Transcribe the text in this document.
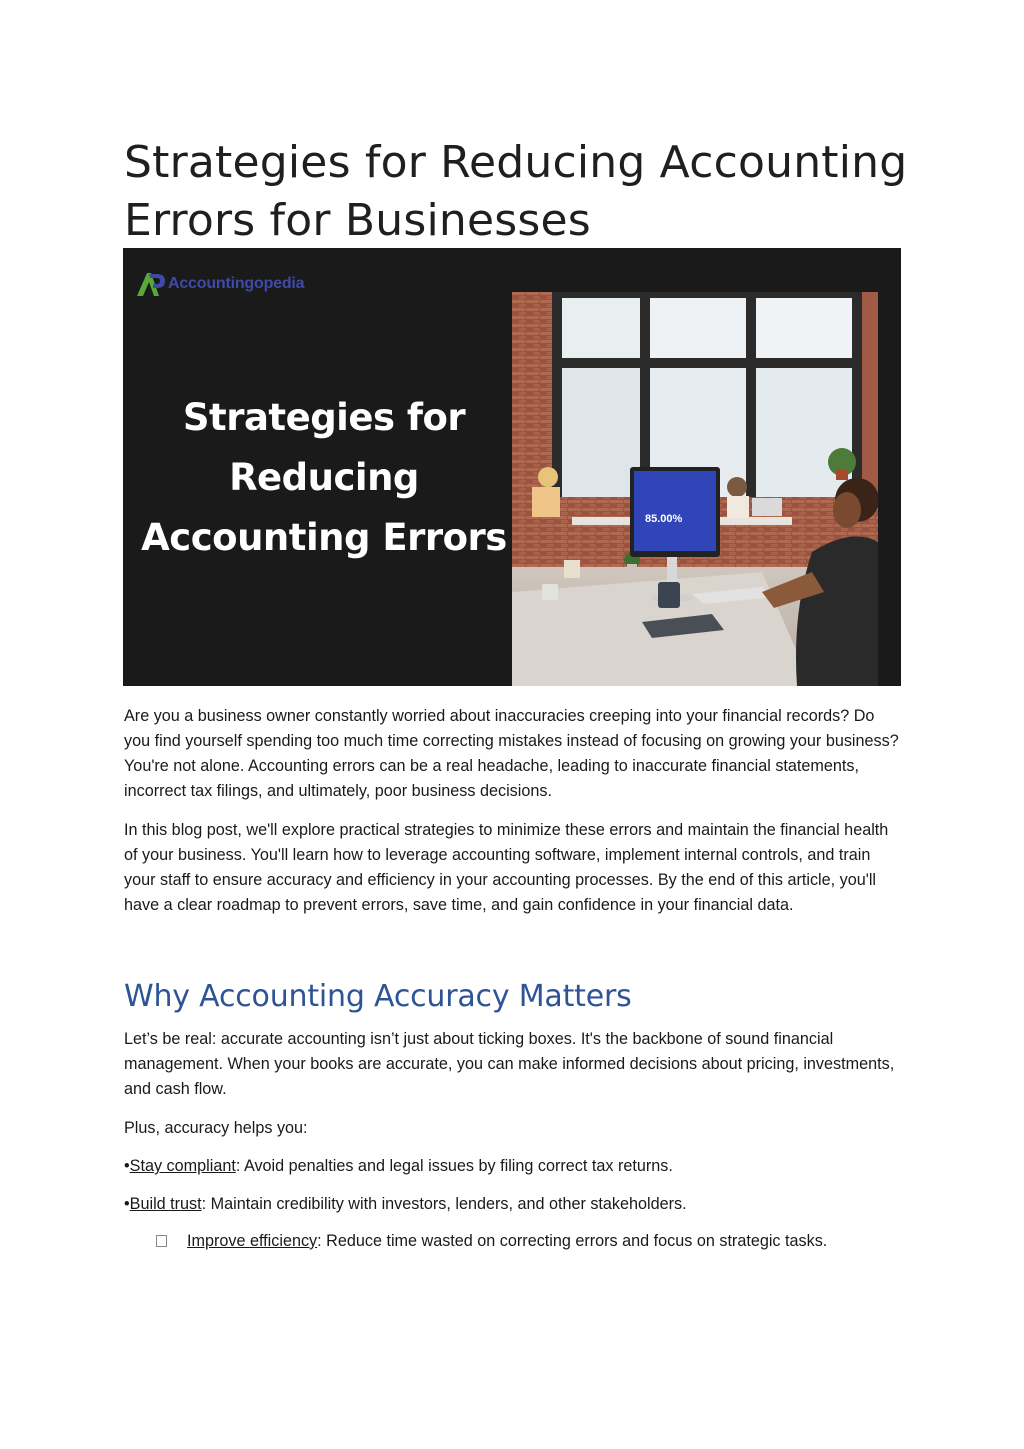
Strategies for Reducing Accounting
Errors for Businesses
Accountingopedia
Strategies for
Reducing
Accounting Errors	85.00%

Are you a business owner constantly worried about inaccuracies creeping into your financial records? Do you find yourself spending too much time correcting mistakes instead of focusing on growing your business? You're not alone. Accounting errors can be a real headache, leading to inaccurate financial statements, incorrect tax filings, and ultimately, poor business decisions.

In this blog post, we'll explore practical strategies to minimize these errors and maintain the financial health of your business. You'll learn how to leverage accounting software, implement internal controls, and train your staff to ensure accuracy and efficiency in your accounting processes. By the end of this article, you'll have a clear roadmap to prevent errors, save time, and gain confidence in your financial data.

Why Accounting Accuracy Matters

Let’s be real: accurate accounting isn’t just about ticking boxes. It's the backbone of sound financial management. When your books are accurate, you can make informed decisions about pricing, investments, and cash flow.

Plus, accuracy helps you:

•Stay compliant: Avoid penalties and legal issues by filing correct tax returns.
•Build trust: Maintain credibility with investors, lenders, and other stakeholders.
Improve efficiency: Reduce time wasted on correcting errors and focus on strategic tasks.
